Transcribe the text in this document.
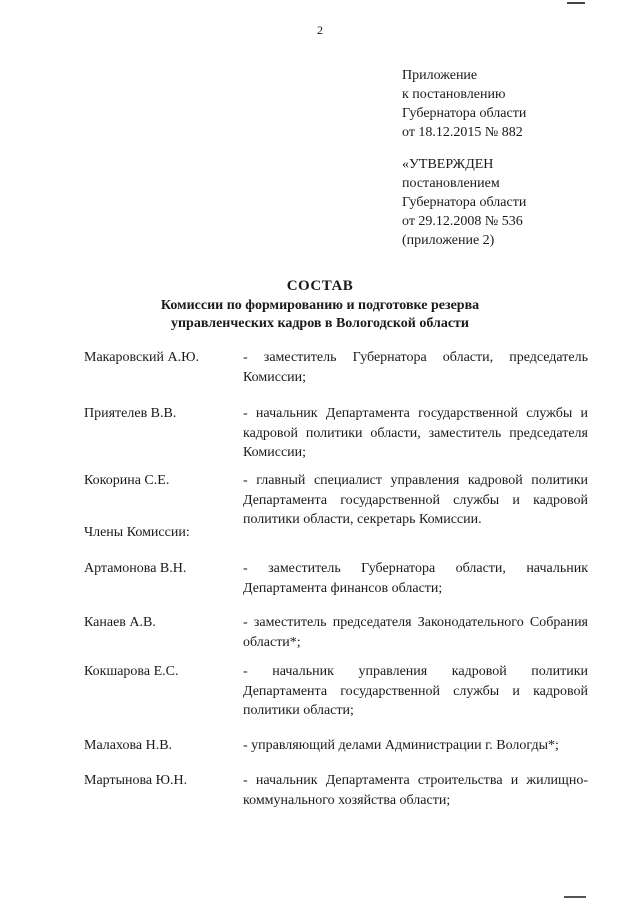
2
Приложение
к постановлению
Губернатора области
от 18.12.2015 № 882
«УТВЕРЖДЕН
постановлением
Губернатора области
от 29.12.2008 № 536
(приложение 2)
СОСТАВ
Комиссии по формированию и подготовке резерва
управленческих кадров в Вологодской области
Макаровский А.Ю.	- заместитель Губернатора области, председатель Комиссии;
Приятелев В.В.	- начальник Департамента государственной службы и кадровой политики области, заместитель председателя Комиссии;
Кокорина С.Е.	- главный специалист управления кадровой политики Департамента государственной службы и кадровой политики области, секретарь Комиссии.
Члены Комиссии:
Артамонова В.Н.	- заместитель Губернатора области, начальник Департамента финансов области;
Канаев А.В.	- заместитель председателя Законодательного Собрания области*;
Кокшарова Е.С.	- начальник управления кадровой политики Департамента государственной службы и кадровой политики области;
Малахова Н.В.	- управляющий делами Администрации г. Вологды*;
Мартынова Ю.Н.	- начальник Департамента строительства и жилищно-коммунального хозяйства области;
